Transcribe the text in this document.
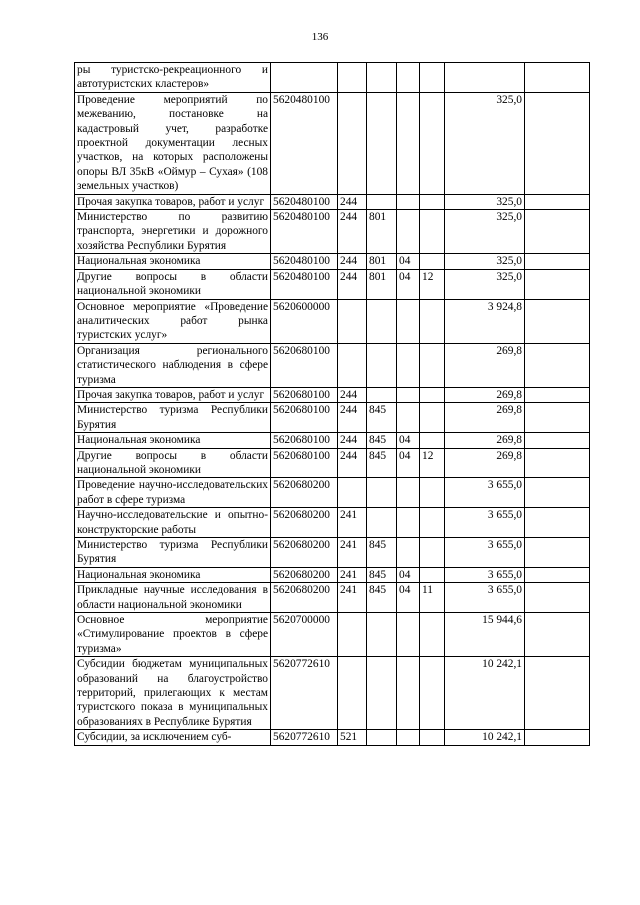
136
ры туристско-рекреационного и автотуристских кластеров»							
Проведение мероприятий по межеванию, постановке на кадастровый учет, разработке проектной документации лесных участков, на которых расположены опоры ВЛ 35кВ «Оймур – Сухая» (108 земельных участков)	5620480100					325,0	
Прочая закупка товаров, работ и услуг	5620480100	244				325,0	
Министерство по развитию транспорта, энергетики и дорожного хозяйства Республики Бурятия	5620480100	244	801			325,0	
Национальная экономика	5620480100	244	801	04		325,0	
Другие вопросы в области национальной экономики	5620480100	244	801	04	12	325,0	
Основное мероприятие «Проведение аналитических работ рынка туристских услуг»	5620600000					3 924,8	
Организация регионального статистического наблюдения в сфере туризма	5620680100					269,8	
Прочая закупка товаров, работ и услуг	5620680100	244				269,8	
Министерство туризма Республики Бурятия	5620680100	244	845			269,8	
Национальная экономика	5620680100	244	845	04		269,8	
Другие вопросы в области национальной экономики	5620680100	244	845	04	12	269,8	
Проведение научно-исследовательских работ в сфере туризма	5620680200					3 655,0	
Научно-исследовательские и опытно-конструкторские работы	5620680200	241				3 655,0	
Министерство туризма Республики Бурятия	5620680200	241	845			3 655,0	
Национальная экономика	5620680200	241	845	04		3 655,0	
Прикладные научные исследования в области национальной экономики	5620680200	241	845	04	11	3 655,0	
Основное мероприятие «Стимулирование проектов в сфере туризма»	5620700000					15 944,6	
Субсидии бюджетам муниципальных образований на благоустройство территорий, прилегающих к местам туристского показа в муниципальных образованиях в Республике Бурятия	5620772610					10 242,1	
Субсидии, за исключением суб-	5620772610	521				10 242,1	
